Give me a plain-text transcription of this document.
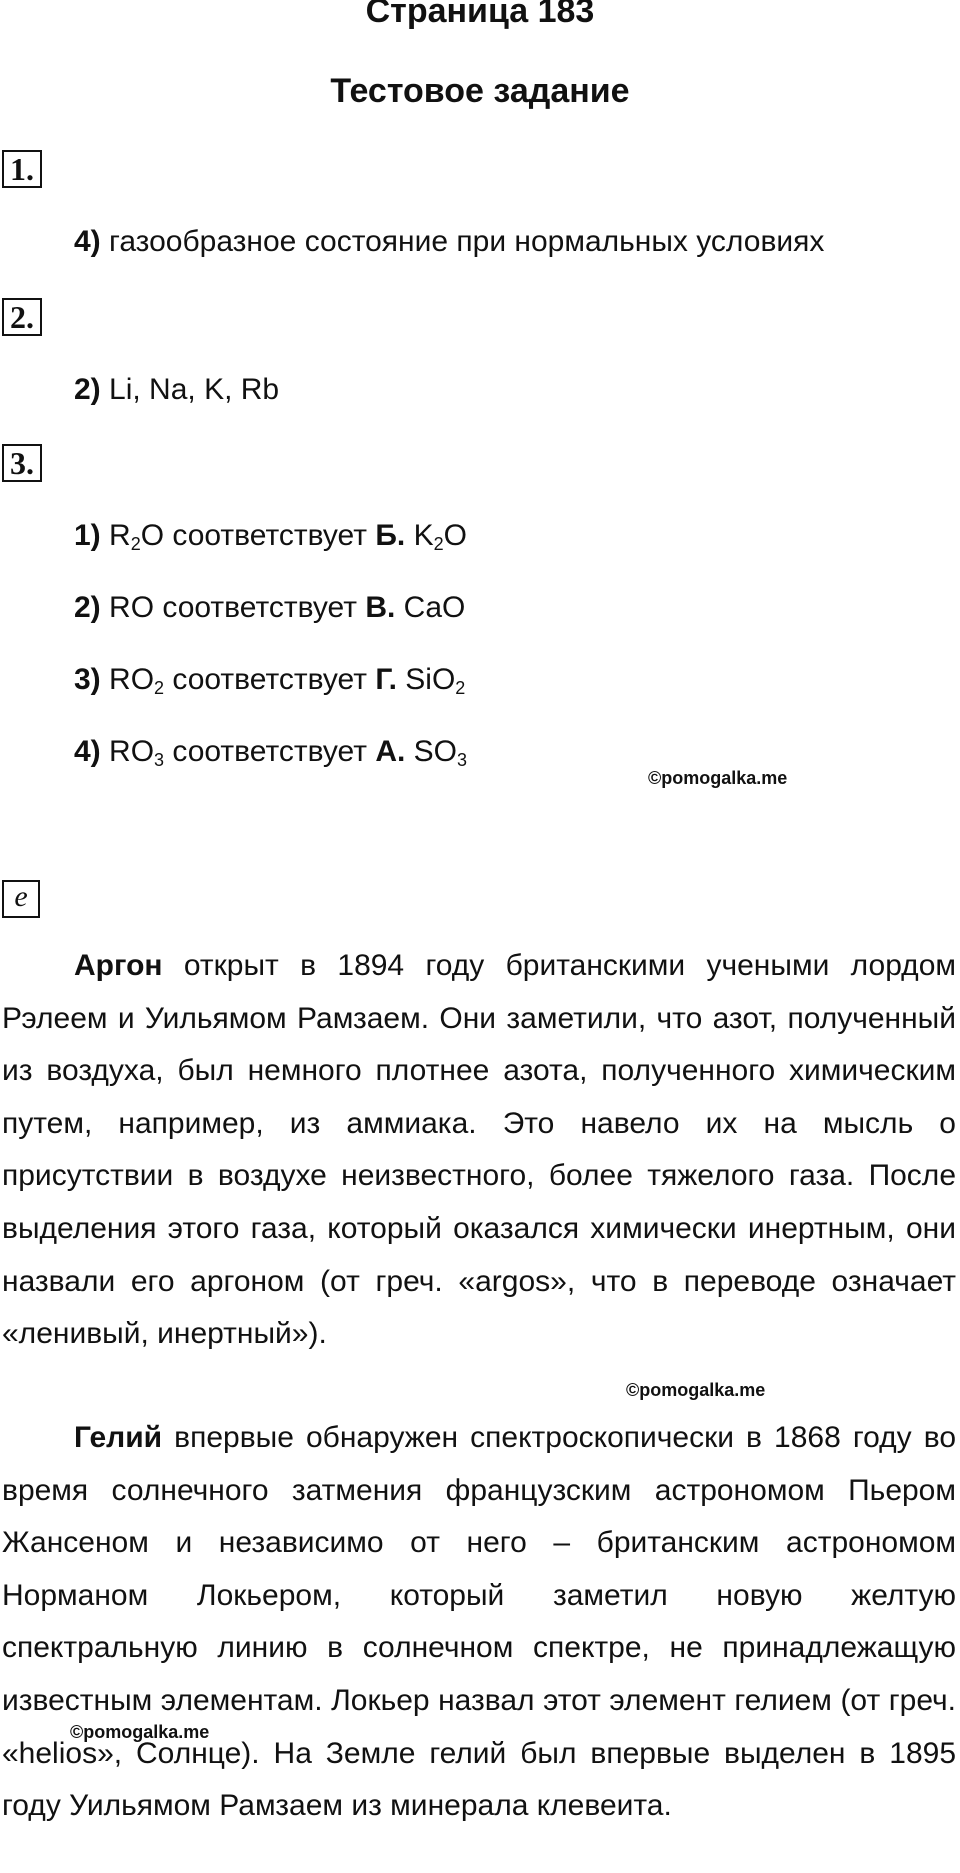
Страница 183
Тестовое задание
1.
4) газообразное состояние при нормальных условиях
2.
2) Li, Na, K, Rb
3.
1) $R_2O$ соответствует Б. $K_2O$
2) RO соответствует В. CaO
3) $RO_2$ соответствует Г. SiO$_2$
4) $RO_3$ соответствует А. $SO_3$
©pomogalka.me
e
Аргон открыт в 1894 году британскими учеными лордом Рэлеем и Уильямом Рамзаем. Они заметили, что азот, полученный из воздуха, был немного плотнее азота, полученного химическим путем, например, из аммиака. Это навело их на мысль о присутствии в воздухе неизвестного, более тяжелого газа. После выделения этого газа, который оказался химически инертным, они назвали его аргоном (от греч. «argos», что в переводе означает «ленивый, инертный»).
©pomogalka.me
Гелий впервые обнаружен спектроскопически в 1868 году во время солнечного затмения французским астрономом Пьером Жансеном и независимо от него – британским астрономом Норманом Локьером, который заметил новую желтую спектральную линию в солнечном спектре, не принадлежащую известным элементам. Локьер назвал этот элемент гелием (от греч. «helios», Солнце). На Земле гелий был впервые выделен в 1895 году Уильямом Рамзаем из минерала клевеита.
©pomogalka.me
